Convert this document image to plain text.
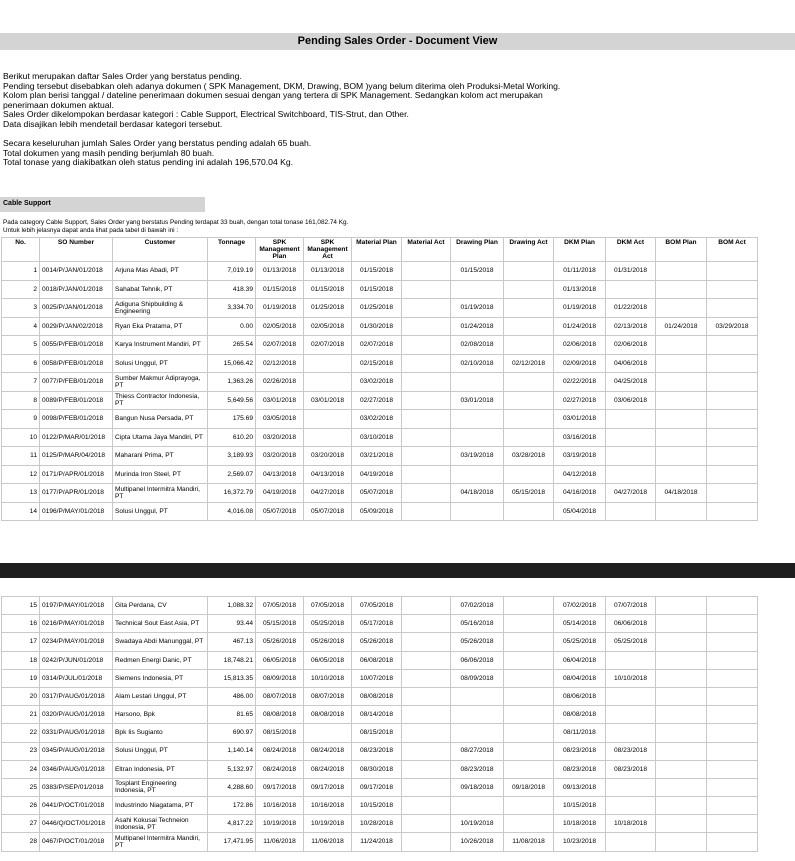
Pending Sales Order - Document View
Berikut merupakan daftar Sales Order yang berstatus pending.
Pending tersebut disebabkan oleh adanya dokumen ( SPK Management, DKM, Drawing, BOM )yang belum diterima oleh Produksi-Metal Working.
Kolom plan berisi tanggal / dateline penerimaan dokumen sesuai dengan yang tertera di SPK Management. Sedangkan kolom act merupakan
penerimaan dokumen aktual.
Sales Order dikelompokan berdasar kategori : Cable Support, Electrical Switchboard, TIS-Strut, dan Other.
Data disajikan lebih mendetail berdasar kategori tersebut.
Secara keseluruhan jumlah Sales Order yang berstatus pending adalah 65 buah.
Total dokumen yang masih pending berjumlah 80 buah.
Total tonase yang diakibatkan oleh status pending ini adalah 196,570.04 Kg.
Cable Support
Pada category Cable Support, Sales Order yang berstatus Pending terdapat 33 buah, dengan total tonase 161,082.74 Kg.
Untuk lebih jelasnya dapat anda lihat pada tabel di bawah ini :
No.	SO Number	Customer	Tonnage	SPK Management Plan	SPK Management Act	Material Plan	Material Act	Drawing Plan	Drawing Act	DKM Plan	DKM Act	BOM Plan	BOM Act
1	0014/P/JAN/01/2018	Arjuna Mas Abadi, PT	7,019.19	01/13/2018	01/13/2018	01/15/2018		01/15/2018		01/11/2018	01/31/2018		
2	0018/P/JAN/01/2018	Sahabat Tehnik, PT	418.39	01/15/2018	01/15/2018	01/15/2018				01/13/2018			
3	0025/P/JAN/01/2018	Adiguna Shipbuilding & Engineering	3,334.70	01/19/2018	01/25/2018	01/25/2018		01/19/2018		01/19/2018	01/22/2018		
4	0029/P/JAN/02/2018	Ryan Eka Pratama, PT	0.00	02/05/2018	02/05/2018	01/30/2018		01/24/2018		01/24/2018	02/13/2018	01/24/2018	03/29/2018
5	0055/P/FEB/01/2018	Karya Instrument Mandiri, PT	265.54	02/07/2018	02/07/2018	02/07/2018		02/08/2018		02/06/2018	02/06/2018		
6	0058/P/FEB/01/2018	Solusi Unggul, PT	15,066.42	02/12/2018		02/15/2018		02/10/2018	02/12/2018	02/09/2018	04/06/2018		
7	0077/P/FEB/01/2018	Sumber Makmur Adiprayoga, PT	1,363.26	02/26/2018		03/02/2018				02/22/2018	04/25/2018		
8	0089/P/FEB/01/2018	Thiess Contractor Indonesia, PT	5,649.56	03/01/2018	03/01/2018	02/27/2018		03/01/2018		02/27/2018	03/06/2018		
9	0098/P/FEB/01/2018	Bangun Nusa Persada, PT	175.69	03/05/2018		03/02/2018				03/01/2018			
10	0122/P/MAR/01/2018	Cipta Utama Jaya Mandiri, PT	610.20	03/20/2018		03/10/2018				03/16/2018			
11	0125/P/MAR/04/2018	Maharani Prima, PT	3,189.93	03/20/2018	03/20/2018	03/21/2018		03/19/2018	03/28/2018	03/19/2018			
12	0171/P/APR/01/2018	Murinda Iron Steel, PT	2,569.07	04/13/2018	04/13/2018	04/19/2018				04/12/2018			
13	0177/P/APR/01/2018	Multipanel Intermitra Mandiri, PT	16,372.79	04/19/2018	04/27/2018	05/07/2018		04/18/2018	05/15/2018	04/16/2018	04/27/2018	04/18/2018	
14	0196/P/MAY/01/2018	Solusi Unggul, PT	4,016.08	05/07/2018	05/07/2018	05/09/2018				05/04/2018			
15	0197/P/MAY/01/2018	Gita Perdana, CV	1,088.32	07/05/2018	07/05/2018	07/05/2018		07/02/2018		07/02/2018	07/07/2018		
16	0216/P/MAY/01/2018	Technical Sout East Asia, PT	93.44	05/15/2018	05/25/2018	05/17/2018		05/16/2018		05/14/2018	06/06/2018		
17	0234/P/MAY/01/2018	Swadaya Abdi Manunggal, PT	467.13	05/26/2018	05/26/2018	05/26/2018		05/26/2018		05/25/2018	05/25/2018		
18	0242/P/JUN/01/2018	Redmen Energi Danic, PT	18,748.21	06/05/2018	06/05/2018	06/08/2018		06/06/2018		06/04/2018			
19	0314/P/JUL/01/2018	Siemens Indonesia, PT	15,813.35	08/09/2018	10/10/2018	10/07/2018		08/09/2018		08/04/2018	10/10/2018		
20	0317/P/AUG/01/2018	Alam Lestari Unggul, PT	486.00	08/07/2018	08/07/2018	08/08/2018				08/06/2018			
21	0320/P/AUG/01/2018	Harsono, Bpk	81.65	08/08/2018	08/08/2018	08/14/2018				08/08/2018			
22	0331/P/AUG/01/2018	Bpk Iis Sugianto	690.97	08/15/2018		08/15/2018				08/11/2018			
23	0345/P/AUG/01/2018	Solusi Unggul, PT	1,140.14	08/24/2018	08/24/2018	08/23/2018		08/27/2018		08/23/2018	08/23/2018		
24	0346/P/AUG/01/2018	Eltran Indonesia, PT	5,132.97	08/24/2018	08/24/2018	08/30/2018		08/23/2018		08/23/2018	08/23/2018		
25	0383/P/SEP/01/2018	Tosplant Engineering Indonesia, PT	4,288.60	09/17/2018	09/17/2018	09/17/2018		09/18/2018	09/18/2018	09/13/2018			
26	0441/P/OCT/01/2018	Industrindo Niagatama, PT	172.86	10/16/2018	10/16/2018	10/15/2018				10/15/2018			
27	0446/Q/OCT/01/2018	Asahi Kokusai Techneion Indonesia, PT	4,817.22	10/19/2018	10/19/2018	10/28/2018		10/19/2018		10/18/2018	10/18/2018		
28	0467/P/OCT/01/2018	Multipanel Intermitra Mandiri, PT	17,471.95	11/06/2018	11/06/2018	11/24/2018		10/26/2018	11/08/2018	10/23/2018			
